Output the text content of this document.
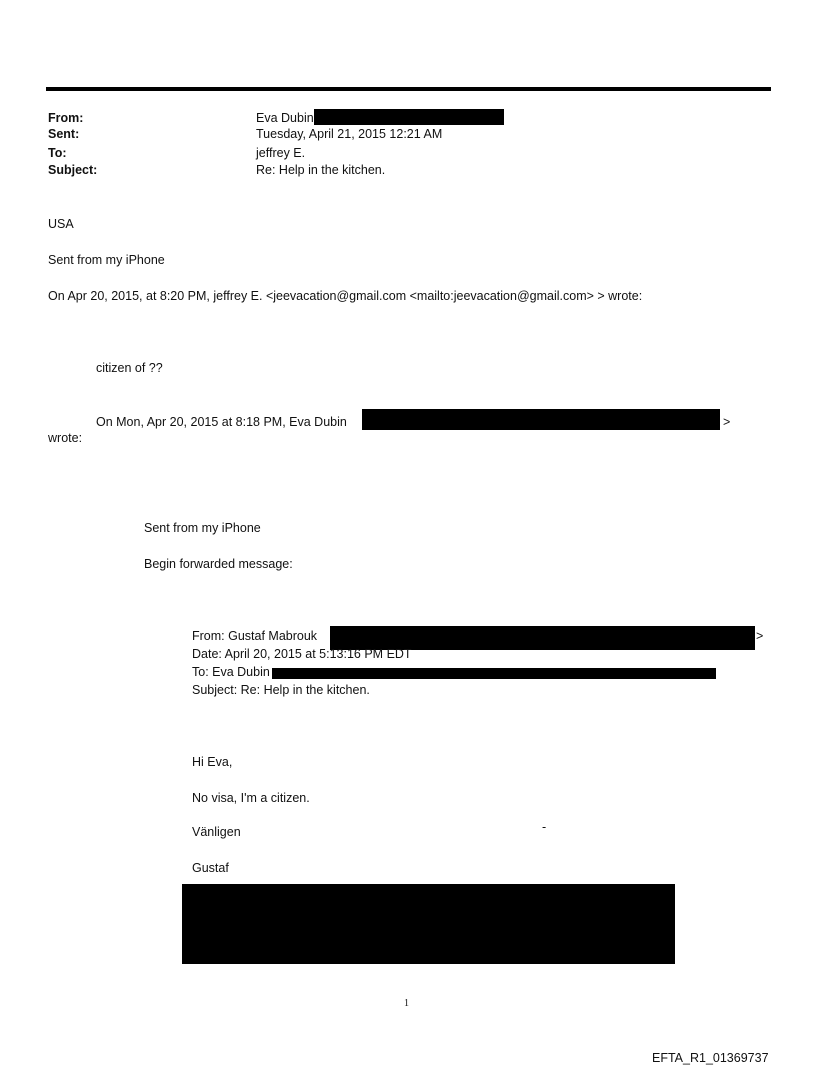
From:	Eva Dubin
Sent:	Tuesday, April 21, 2015 12:21 AM
To:	jeffrey E.
Subject:	Re: Help in the kitchen.
USA
Sent from my iPhone
On Apr 20, 2015, at 8:20 PM, jeffrey E. <jeevacation@gmail.com <mailto:jeevacation@gmail.com> > wrote:
citizen of ??
On Mon, Apr 20, 2015 at 8:18 PM, Eva Dubin	>
wrote:
Sent from my iPhone
Begin forwarded message:
From: Gustaf Mabrouk	>
Date: April 20, 2015 at 5:13:16 PM EDT
To: Eva Dubin
Subject: Re: Help in the kitchen.
Hi Eva,
No visa, I'm a citizen.
Vänligen	-
Gustaf
1
EFTA_R1_01369737
